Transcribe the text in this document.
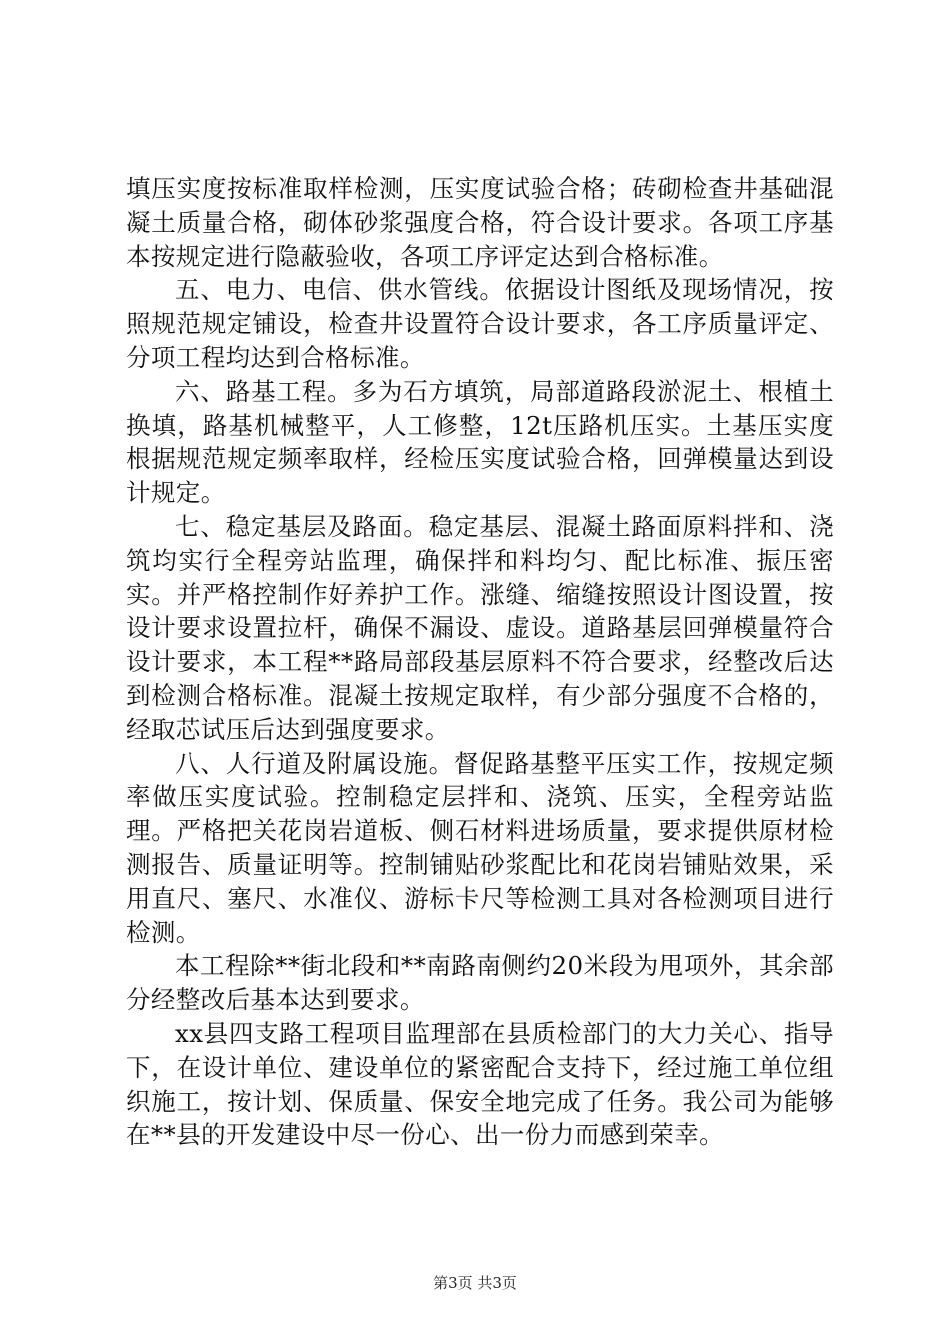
填压实度按标准取样检测，压实度试验合格；砖砌检查井基础混凝土质量合格，砌体砂浆强度合格，符合设计要求。各项工序基本按规定进行隐蔽验收，各项工序评定达到合格标准。

五、电力、电信、供水管线。依据设计图纸及现场情况，按照规范规定铺设，检查井设置符合设计要求，各工序质量评定、分项工程均达到合格标准。

六、路基工程。多为石方填筑，局部道路段淤泥土、根植土换填，路基机械整平，人工修整，12t压路机压实。土基压实度根据规范规定频率取样，经检压实度试验合格，回弹模量达到设计规定。

七、稳定基层及路面。稳定基层、混凝土路面原料拌和、浇筑均实行全程旁站监理，确保拌和料均匀、配比标准、振压密实。并严格控制作好养护工作。涨缝、缩缝按照设计图设置，按设计要求设置拉杆，确保不漏设、虚设。道路基层回弹模量符合设计要求，本工程**路局部段基层原料不符合要求，经整改后达到检测合格标准。混凝土按规定取样，有少部分强度不合格的，经取芯试压后达到强度要求。

八、人行道及附属设施。督促路基整平压实工作，按规定频率做压实度试验。控制稳定层拌和、浇筑、压实，全程旁站监理。严格把关花岗岩道板、侧石材料进场质量，要求提供原材检测报告、质量证明等。控制铺贴砂浆配比和花岗岩铺贴效果，采用直尺、塞尺、水准仪、游标卡尺等检测工具对各检测项目进行检测。

本工程除**街北段和**南路南侧约20米段为甩项外，其余部分经整改后基本达到要求。

xx县四支路工程项目监理部在县质检部门的大力关心、指导下，在设计单位、建设单位的紧密配合支持下，经过施工单位组织施工，按计划、保质量、保安全地完成了任务。我公司为能够在**县的开发建设中尽一份心、出一份力而感到荣幸。

第3页 共3页
